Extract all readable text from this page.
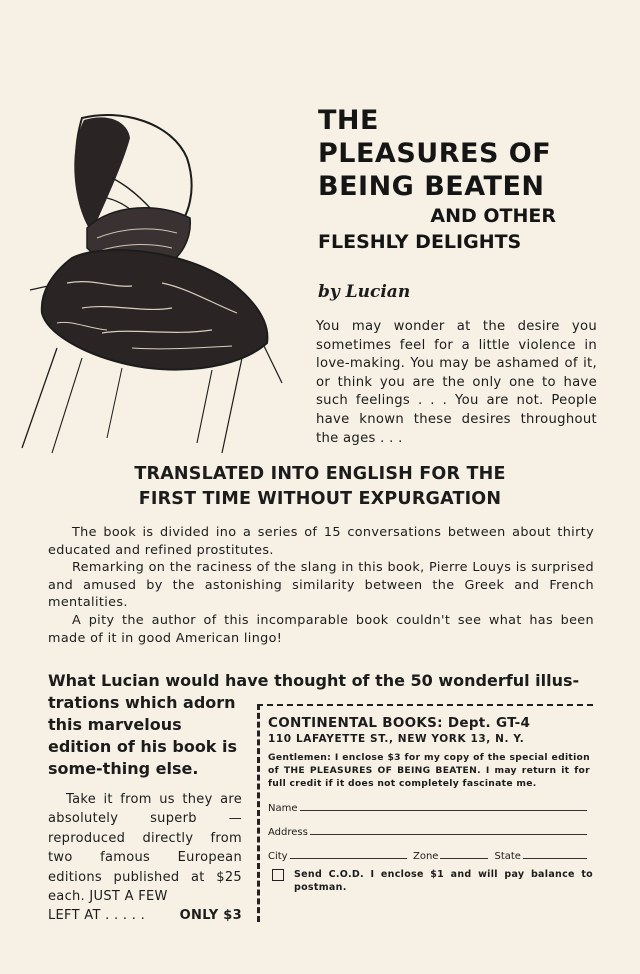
THE
PLEASURES OF
BEING BEATEN
AND OTHER
FLESHLY DELIGHTS
by Lucian
You may wonder at the desire you sometimes feel for a little violence in love-making. You may be ashamed of it, or think you are the only one to have such feelings . . . You are not. People have known these desires throughout the ages . . .
TRANSLATED INTO ENGLISH FOR THE
FIRST TIME WITHOUT EXPURGATION

The book is divided ino a series of 15 conversations between about thirty educated and refined prostitutes.

Remarking on the raciness of the slang in this book, Pierre Louys is surprised and amused by the astonishing similarity between the Greek and French mentalities.

A pity the author of this incomparable book couldn't see what has been made of it in good American lingo!

What Lucian would have thought of the 50 wonderful illus-
trations which adorn this marvelous edition of his book is some-thing else.
Take it from us they are absolutely superb — reproduced directly from two famous European editions published at $25 each. JUST A FEW
LEFT AT . . . . .	ONLY $3
CONTINENTAL BOOKS: Dept. GT-4
110 LAFAYETTE ST., NEW YORK 13, N. Y.
Gentlemen: I enclose $3 for my copy of the special edition of THE PLEASURES OF BEING BEATEN. I may return it for full credit if it does not completely fascinate me.
Name
Address
City	Zone	State
Send C.O.D. I enclose $1 and will pay balance to postman.
